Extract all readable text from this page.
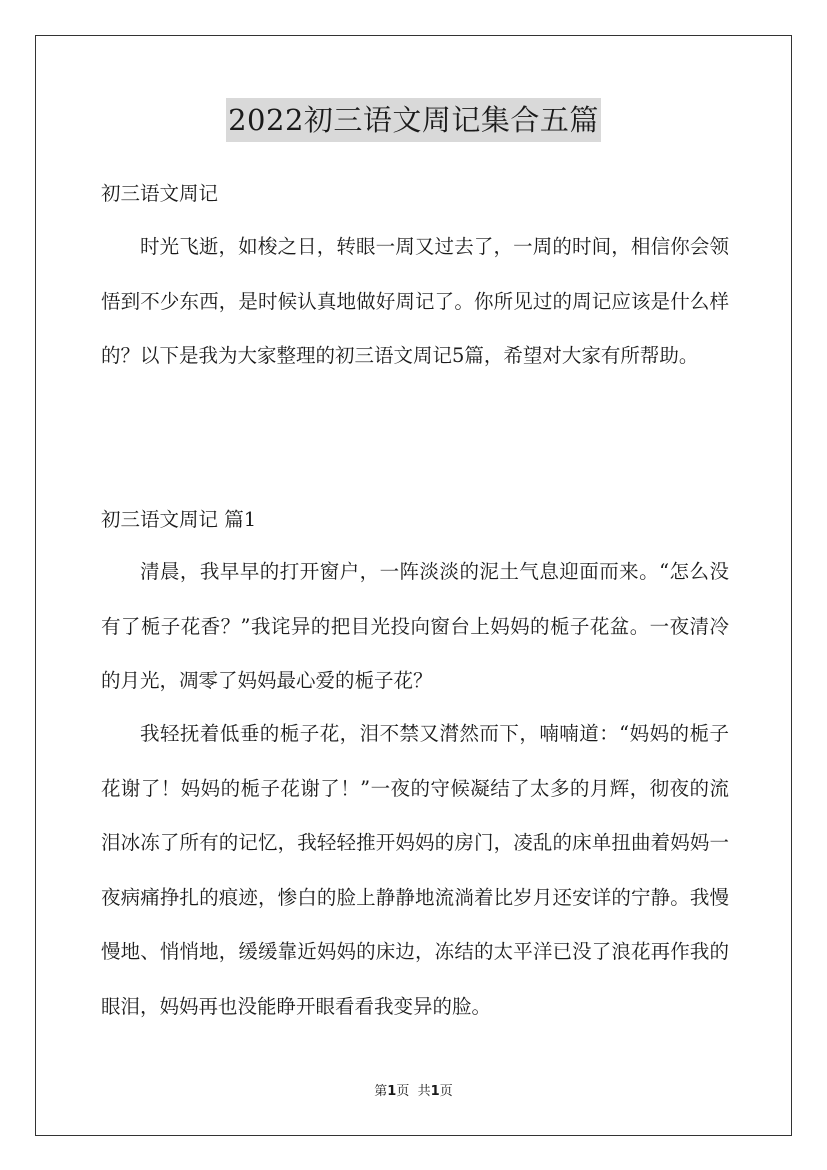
2022初三语文周记集合五篇

初三语文周记

时光飞逝，如梭之日，转眼一周又过去了，一周的时间，相信你会领悟到不少东西，是时候认真地做好周记了。你所见过的周记应该是什么样的？以下是我为大家整理的初三语文周记5篇，希望对大家有所帮助。

初三语文周记 篇1

清晨，我早早的打开窗户，一阵淡淡的泥土气息迎面而来。“怎么没有了栀子花香？”我诧异的把目光投向窗台上妈妈的栀子花盆。一夜清冷的月光，凋零了妈妈最心爱的栀子花？

我轻抚着低垂的栀子花，泪不禁又潸然而下，喃喃道：“妈妈的栀子花谢了！妈妈的栀子花谢了！”一夜的守候凝结了太多的月辉，彻夜的流泪冰冻了所有的记忆，我轻轻推开妈妈的房门，凌乱的床单扭曲着妈妈一夜病痛挣扎的痕迹，惨白的脸上静静地流淌着比岁月还安详的宁静。我慢慢地、悄悄地，缓缓靠近妈妈的床边，冻结的太平洋已没了浪花再作我的眼泪，妈妈再也没能睁开眼看看我变异的脸。

第1页 共1页
